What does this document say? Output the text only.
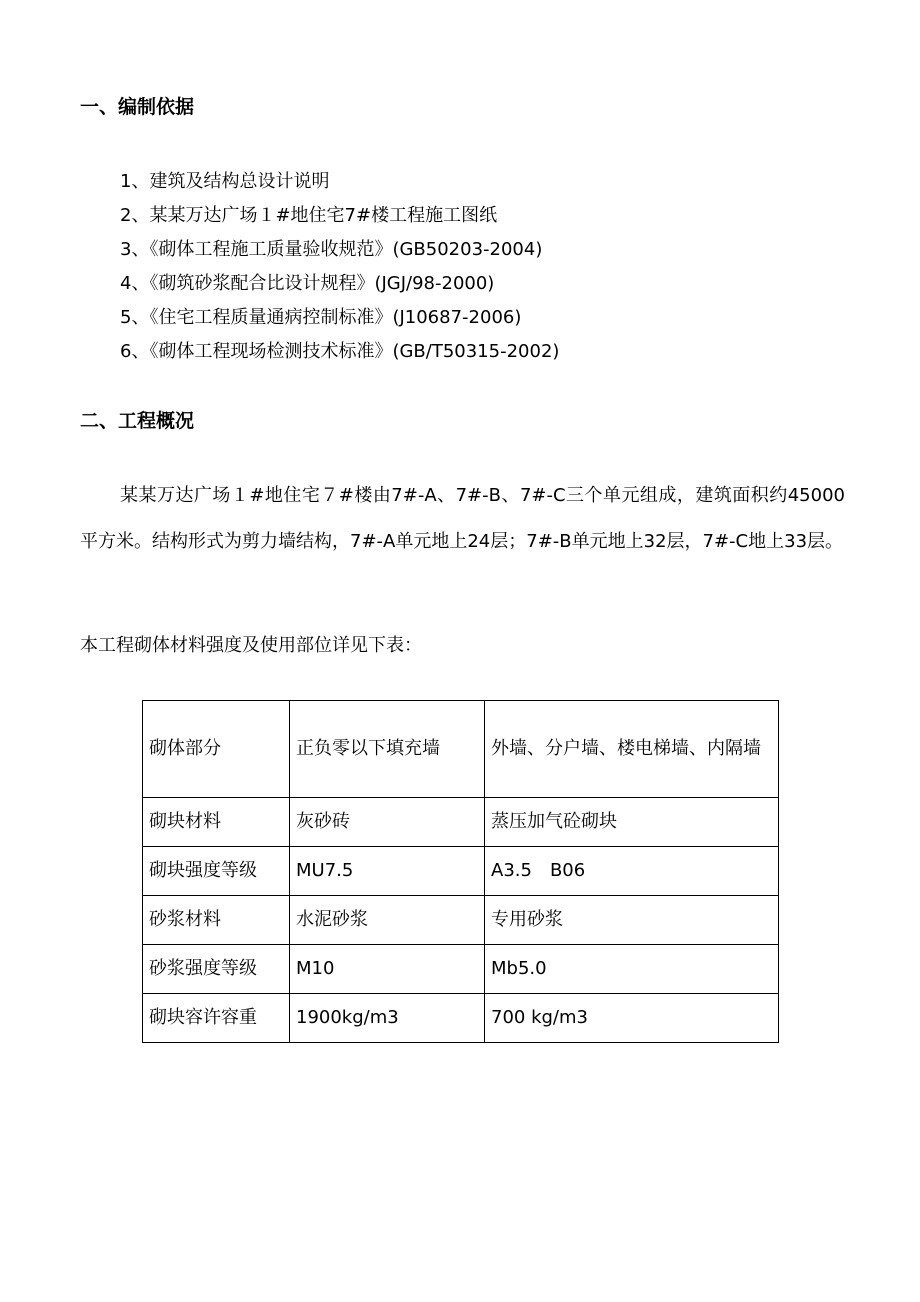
一、编制依据
1、建筑及结构总设计说明
2、某某万达广场１#地住宅7#楼工程施工图纸
3、《砌体工程施工质量验收规范》(GB50203-2004)
4、《砌筑砂浆配合比设计规程》(JGJ/98-2000)
5、《住宅工程质量通病控制标准》(J10687-2006)
6、《砌体工程现场检测技术标准》(GB/T50315-2002)
二、工程概况

某某万达广场１#地住宅７#楼由7#-A、7#-B、7#-C三个单元组成，建筑面积约45000平方米。结构形式为剪力墙结构，7#-A单元地上24层；7#-B单元地上32层，7#-C地上33层。

本工程砌体材料强度及使用部位详见下表：
砌体部分	正负零以下填充墙	外墙、分户墙、楼电梯墙、内隔墙
砌块材料	灰砂砖	蒸压加气砼砌块
砌块强度等级	MU7.5	A3.5　B06
砂浆材料	水泥砂浆	专用砂浆
砂浆强度等级	M10	Mb5.0
砌块容许容重	1900kg/m3	700 kg/m3
